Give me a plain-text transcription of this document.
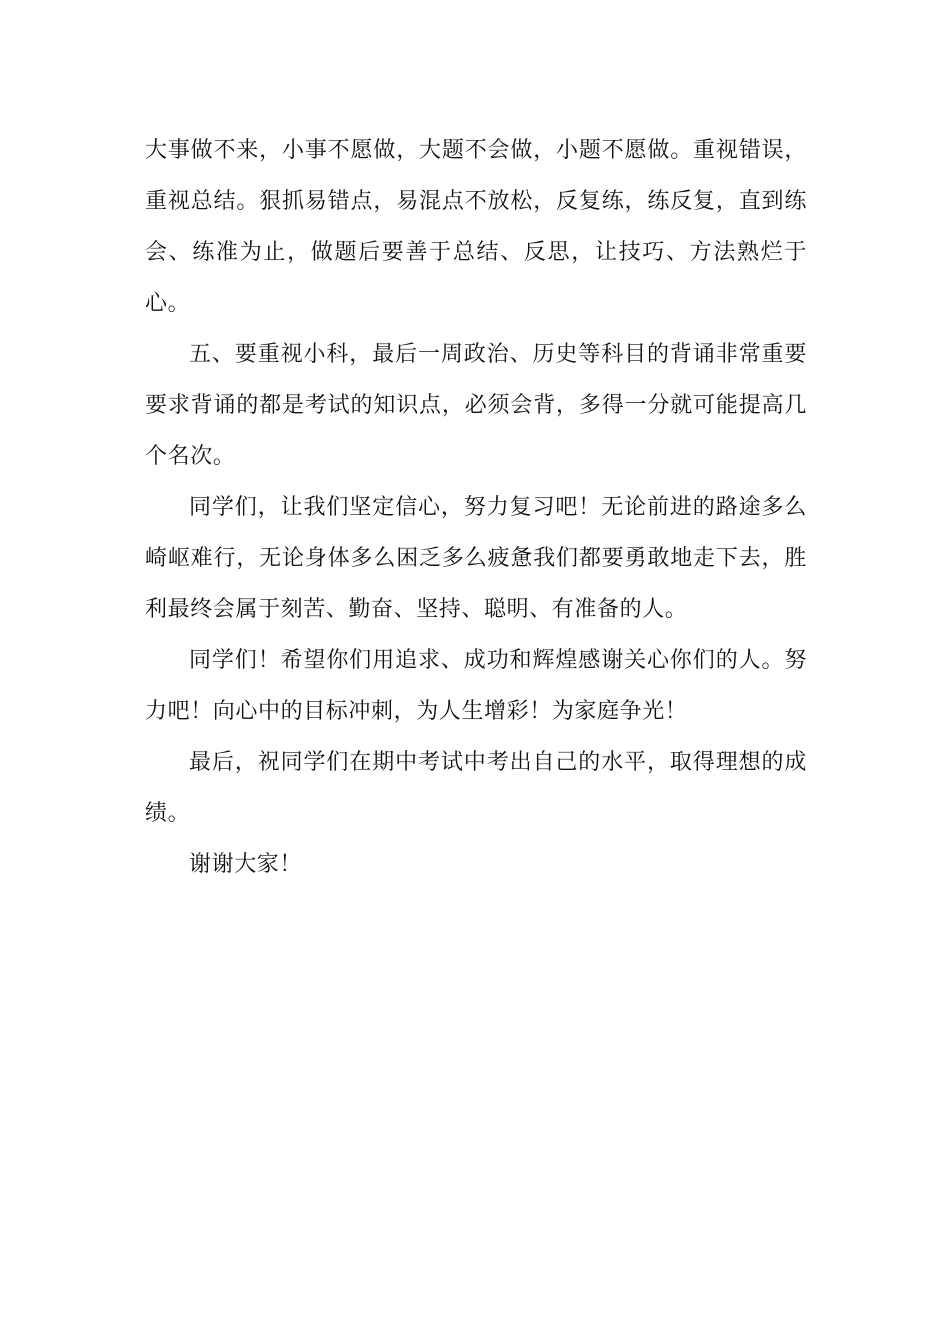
大事做不来，小事不愿做，大题不会做，小题不愿做。重视错误，重视总结。狠抓易错点，易混点不放松，反复练，练反复，直到练会、练准为止，做题后要善于总结、反思，让技巧、方法熟烂于心。

五、要重视小科，最后一周政治、历史等科目的背诵非常重要要求背诵的都是考试的知识点，必须会背，多得一分就可能提高几个名次。

同学们，让我们坚定信心，努力复习吧！无论前进的路途多么崎岖难行，无论身体多么困乏多么疲惫我们都要勇敢地走下去，胜利最终会属于刻苦、勤奋、坚持、聪明、有准备的人。

同学们！希望你们用追求、成功和辉煌感谢关心你们的人。努力吧！向心中的目标冲刺，为人生增彩！为家庭争光！

最后，祝同学们在期中考试中考出自己的水平，取得理想的成绩。

谢谢大家！
